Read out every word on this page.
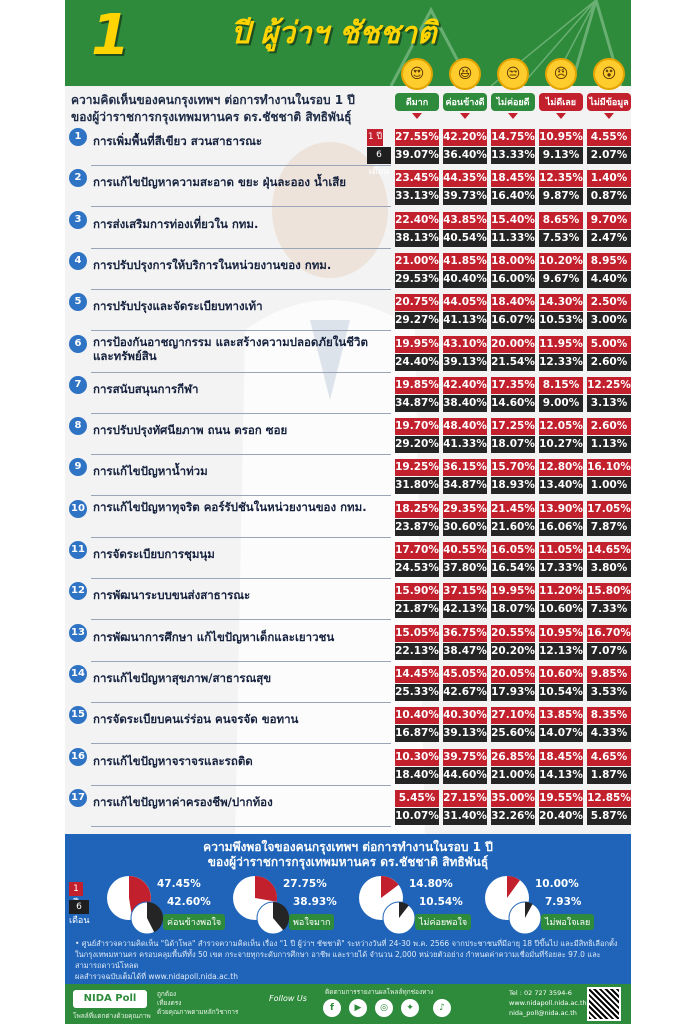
1	ปี ผู้ว่าฯ ชัชชาติ
😍
ดีมาก
😆
ค่อนข้างดี
😒
ไม่ค่อยดี
😠
ไม่ดีเลย
😵
ไม่มีข้อมูล
ความคิดเห็นของคนกรุงเทพฯ ต่อการทำงานในรอบ 1 ปี
ของผู้ว่าราชการกรุงเทพมหานคร ดร.ชัชชาติ สิทธิพันธุ์
1	การเพิ่มพื้นที่สีเขียว สวนสาธารณะ	1 ปี
6 เดือน
27.55% 42.20% 14.75% 10.95% 4.55%
39.07% 36.40% 13.33% 9.13%	2.07%
2	การแก้ไขปัญหาความสะอาด ขยะ ฝุ่นละออง น้ำเสีย	23.45% 44.35% 18.45% 12.35% 1.40%
33.13% 39.73% 16.40% 9.87%	0.87%
3	การส่งเสริมการท่องเที่ยวใน กทม.	22.40% 43.85% 15.40% 8.65%	9.70%
38.13% 40.54% 11.33% 7.53%	2.47%
4	การปรับปรุงการให้บริการในหน่วยงานของ กทม.	21.00% 41.85% 18.00% 10.20% 8.95%
29.53% 40.40% 16.00% 9.67%	4.40%
5	การปรับปรุงและจัดระเบียบทางเท้า	20.75% 44.05% 18.40% 14.30% 2.50%
29.27% 41.13% 16.07% 10.53% 3.00%
6	การป้องกันอาชญากรรม และสร้างความปลอดภัยในชีวิต และทรัพย์สิน
19.95% 43.10% 20.00% 11.95% 5.00%
24.40% 39.13% 21.54% 12.33% 2.60%
7	การสนับสนุนการกีฬา	19.85% 42.40% 17.35% 8.15% 12.25%
34.87% 38.40% 14.60% 9.00%	3.13%
8	การปรับปรุงทัศนียภาพ ถนน ตรอก ซอย	19.70% 48.40% 17.25% 12.05% 2.60%
29.20% 41.33% 18.07% 10.27% 1.13%
9	การแก้ไขปัญหาน้ำท่วม	19.25% 36.15% 15.70% 12.80% 16.10%
31.80% 34.87% 18.93% 13.40% 1.00%
10 การแก้ไขปัญหาทุจริต คอร์รัปชันในหน่วยงานของ กทม.	18.25% 29.35% 21.45% 13.90% 17.05%
23.87% 30.60% 21.60% 16.06% 7.87%
11 การจัดระเบียบการชุมนุม	17.70% 40.55% 16.05% 11.05% 14.65%
24.53% 37.80% 16.54% 17.33% 3.80%
12 การพัฒนาระบบขนส่งสาธารณะ	15.90% 37.15% 19.95% 11.20% 15.80%
21.87% 42.13% 18.07% 10.60% 7.33%
13 การพัฒนาการศึกษา แก้ไขปัญหาเด็กและเยาวชน	15.05% 36.75% 20.55% 10.95% 16.70%
22.13% 38.47% 20.20% 12.13% 7.07%
14 การแก้ไขปัญหาสุขภาพ/สาธารณสุข	14.45% 45.05% 20.05% 10.60% 9.85%
25.33% 42.67% 17.93% 10.54% 3.53%
15 การจัดระเบียบคนเร่ร่อน คนจรจัด ขอทาน	10.40% 40.30% 27.10% 13.85% 8.35%
16.87% 39.13% 25.60% 14.07% 4.33%
16 การแก้ไขปัญหาจราจรและรถติด	10.30% 39.75% 26.85% 18.45% 4.65%
18.40% 44.60% 21.00% 14.13% 1.87%
17 การแก้ไขปัญหาค่าครองชีพ/ปากท้อง	5.45% 27.15% 35.00% 19.55% 12.85%
10.07% 31.40% 32.26% 20.40% 5.87%
ความพึงพอใจของคนกรุงเทพฯ ต่อการทำงานในรอบ 1 ปี
ของผู้ว่าราชการกรุงเทพมหานคร ดร.ชัชชาติ สิทธิพันธุ์
1
6 เดือน
47.45%
42.60%
ค่อนข้างพอใจ
27.75%
38.93%
พอใจมาก
14.80%
10.54%
ไม่ค่อยพอใจ
10.00%
7.93%
ไม่พอใจเลย
• ศูนย์สำรวจความคิดเห็น "นิด้าโพล" สำรวจความคิดเห็น เรื่อง "1 ปี ผู้ว่าฯ ชัชชาติ" ระหว่างวันที่ 24-30 พ.ค. 2566 จากประชาชนที่มีอายุ 18 ปีขึ้นไป และมีสิทธิเลือกตั้ง
ในกรุงเทพมหานคร ครอบคลุมพื้นที่ทั้ง 50 เขต กระจายทุกระดับการศึกษา อาชีพ และรายได้ จำนวน 2,000 หน่วยตัวอย่าง กำหนดค่าความเชื่อมั่นที่ร้อยละ 97.0 และสามารถดาวน์โหลด
ผลสำรวจฉบับเต็มได้ที่ www.nidapoll.nida.ac.th
NIDA Poll
โพลล์ที่แตกต่างด้วยคุณภาพ
ถูกต้อง
เที่ยงตรง
ด้วยคุณภาพตามหลักวิชาการ
Follow Us
ติดตามการรายงานผลโพลล์ทุกช่องทาง
f	▶	◎	✦	♪
Tel : 02 727 3594-6
www.nidapoll.nida.ac.th
nida_poll@nida.ac.th
